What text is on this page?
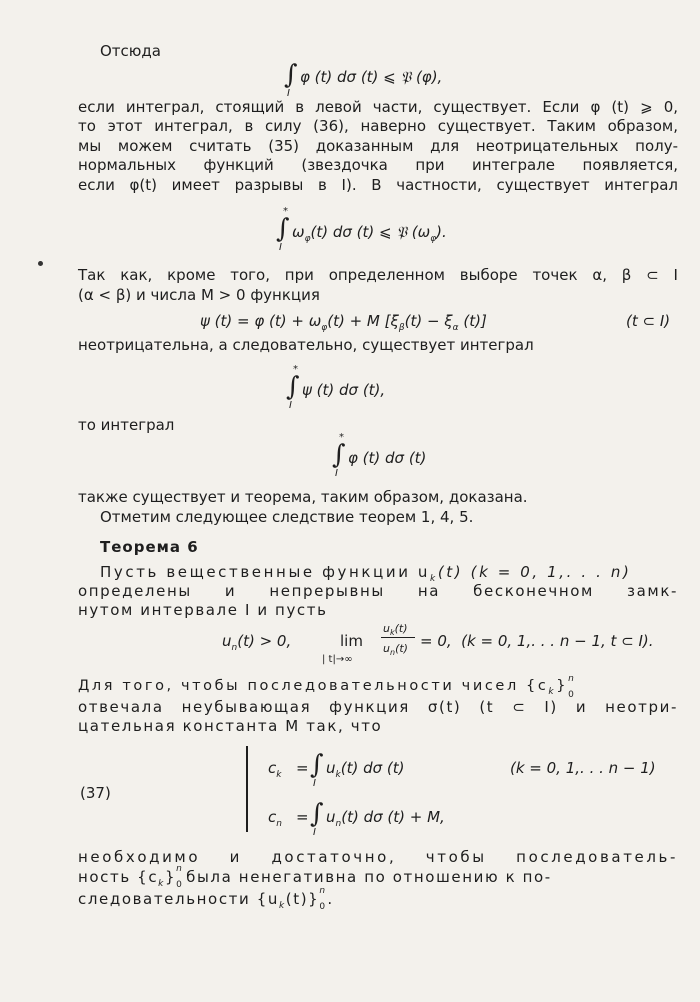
Отсюда
∫
I
φ (t) dσ (t) ⩽ 𝔓 (φ),
если интеграл, стоящий в левой части, существует. Если φ (t) ⩾ 0,
то этот интеграл, в силу (36), наверно существует. Таким образом,
мы можем считать (35) доказанным для неотрицательных полу-
нормальных функций (звездочка при интеграле появляется,
если φ(t) имеет разрывы в I). В частности, существует интеграл
*
∫
I
$\omega_\varphi(t)$ dσ (t) ⩽ 𝔓 $(\omega_\varphi)$.
Так как, кроме того, при определенном выборе точек α, β ⊂ I
(α < β) и числа M > 0 функция
ψ (t) = φ $(t) + \omega_\varphi(t) + M$ [$\xi_\beta(t) - \xi_\alpha$ (t)]	(t ⊂ I)
неотрицательна, а следовательно, существует интеграл
*
∫
I
ψ (t) dσ (t),
то интеграл
*
∫
I
φ (t) dσ (t)
также существует и теорема, таким образом, доказана.
Отметим следующее следствие теорем 1, 4, 5.
Теорема 6
Пусть вещественные функции $u_k(t) (k = 0$, 1,. . . n)
определены и непрерывны на бесконечном замк-
нутом интервале I и пусть
$u_n(t) > 0$,	lim
| t|→∞
$u_k(t)$
$u_n(t) = 0$,  (k = 0, 1,. . . n − 1, t ⊂ I).
Для того, чтобы последовательности чисел $\{c_k\}$ n
0
отвечала неубывающая функция σ(t) (t ⊂ I) и неотри-
цательная константа M так, что
(37)
$c_k$ = ∫
I
$u_k(t)$ dσ (t)	(k = 0, 1,. . . n − 1)
$c_n$ = ∫
I
$u_n(t)$ dσ (t) + M,
необходимо и достаточно, чтобы последователь-
ность $\{c_k\}$ n
0 была ненегативна по отношению к по-
следовательности $\{u_k(t)\}$ n
0 .
